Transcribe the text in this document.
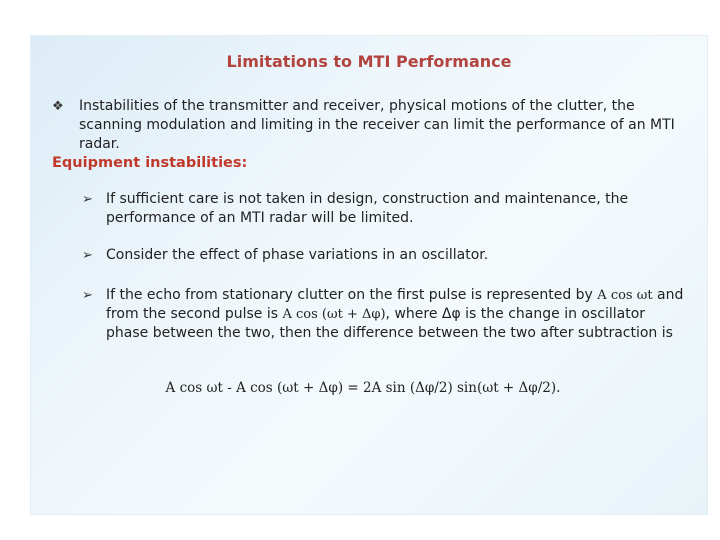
Limitations to MTI Performance
❖ Instabilities of the transmitter and receiver, physical motions of the clutter, the scanning modulation and limiting in the receiver can limit the performance of an MTI radar.
Equipment instabilities:
➢ If sufficient care is not taken in design, construction and maintenance, the performance of an MTI radar will be limited.
➢ Consider the effect of phase variations in an oscillator.
➢ If the echo from stationary clutter on the first pulse is represented by A cos ωt and from the second pulse is A cos (ωt + Δφ), where Δφ is the change in oscillator phase between the two, then the difference between the two after subtraction is
A cos ωt - A cos (ωt + Δφ) = 2A sin (Δφ/2) sin(ωt + Δφ/2).
